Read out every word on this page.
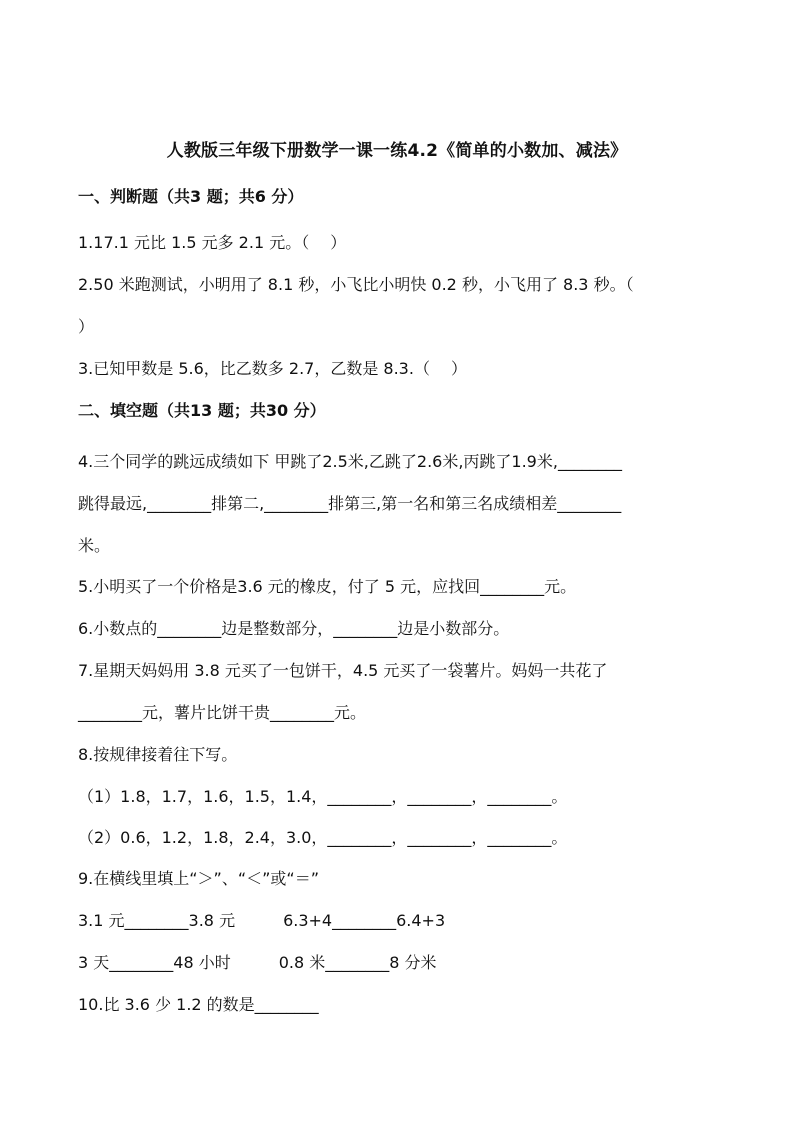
人教版三年级下册数学一课一练4.2《简单的小数加、减法》
一、判断题（共3 题；共6 分）
1.17.1 元比 1.5 元多 2.1 元。（　 ）
2.50 米跑测试，小明用了 8.1 秒，小飞比小明快 0.2 秒，小飞用了 8.3 秒。（
）
3.已知甲数是 5.6，比乙数多 2.7，乙数是 8.3.（　 ）
二、填空题（共13 题；共30 分）
4.三个同学的跳远成绩如下 甲跳了2.5米,乙跳了2.6米,丙跳了1.9米,________
跳得最远,________排第二,________排第三,第一名和第三名成绩相差________
米。
5.小明买了一个价格是3.6 元的橡皮，付了 5 元，应找回________元。
6.小数点的________边是整数部分，________边是小数部分。
7.星期天妈妈用 3.8 元买了一包饼干，4.5 元买了一袋薯片。妈妈一共花了
________元，薯片比饼干贵________元。
8.按规律接着往下写。
（1）1.8，1.7，1.6，1.5，1.4，________，________，________。
（2）0.6，1.2，1.8，2.4，3.0，________，________，________。
9.在横线里填上“＞”、“＜”或“＝”
3.1 元________3.8 元　　　6.3+4________6.4+3
3 天________48 小时　　　0.8 米________8 分米
10.比 3.6 少 1.2 的数是________
